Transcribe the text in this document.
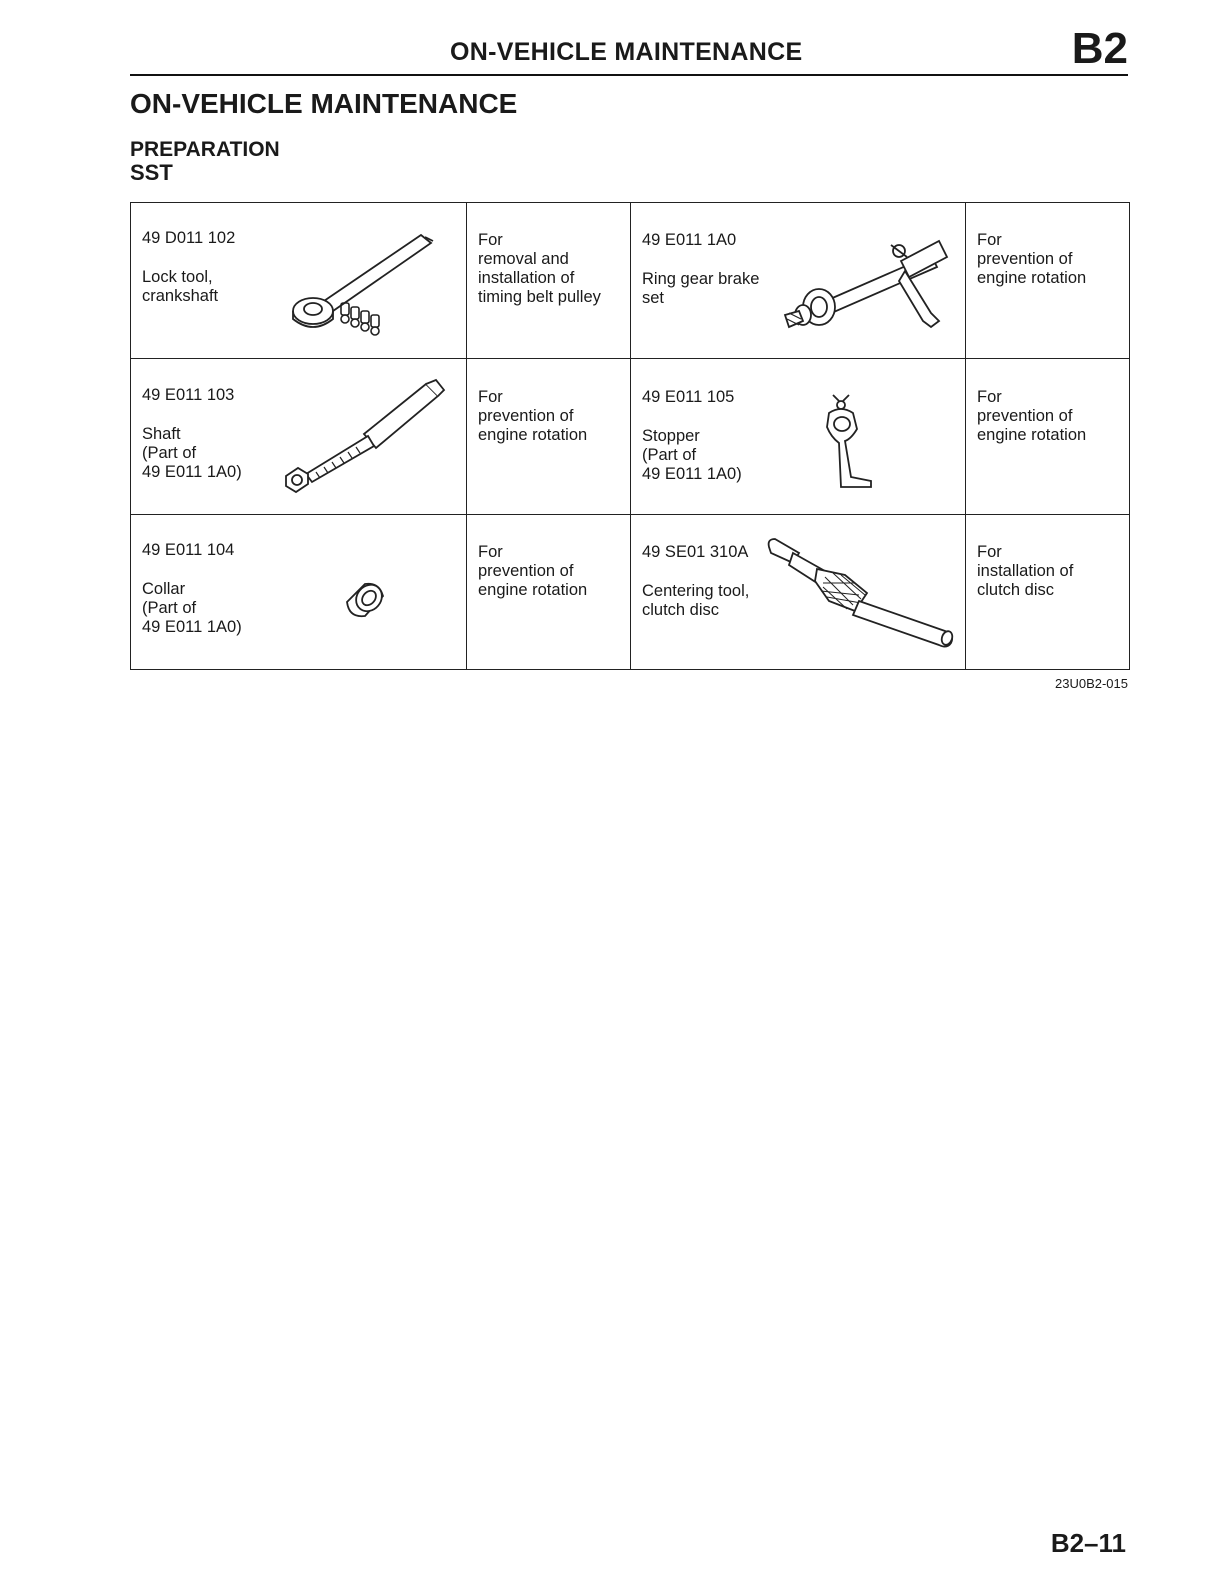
ON-VEHICLE MAINTENANCE	B2
ON-VEHICLE MAINTENANCE
PREPARATION
SST
49 D011 102
Lock tool,
crankshaft
For
removal and
installation of
timing belt pulley
49 E011 1A0
Ring gear brake
set
For
prevention of
engine rotation
49 E011 103
Shaft
(Part of
49 E011 1A0)
For
prevention of
engine rotation
49 E011 105
Stopper
(Part of
49 E011 1A0)
For
prevention of
engine rotation
49 E011 104
Collar
(Part of
49 E011 1A0)
For
prevention of
engine rotation
49 SE01 310A
Centering tool,
clutch disc
For
installation of
clutch disc
23U0B2-015
B2–11
